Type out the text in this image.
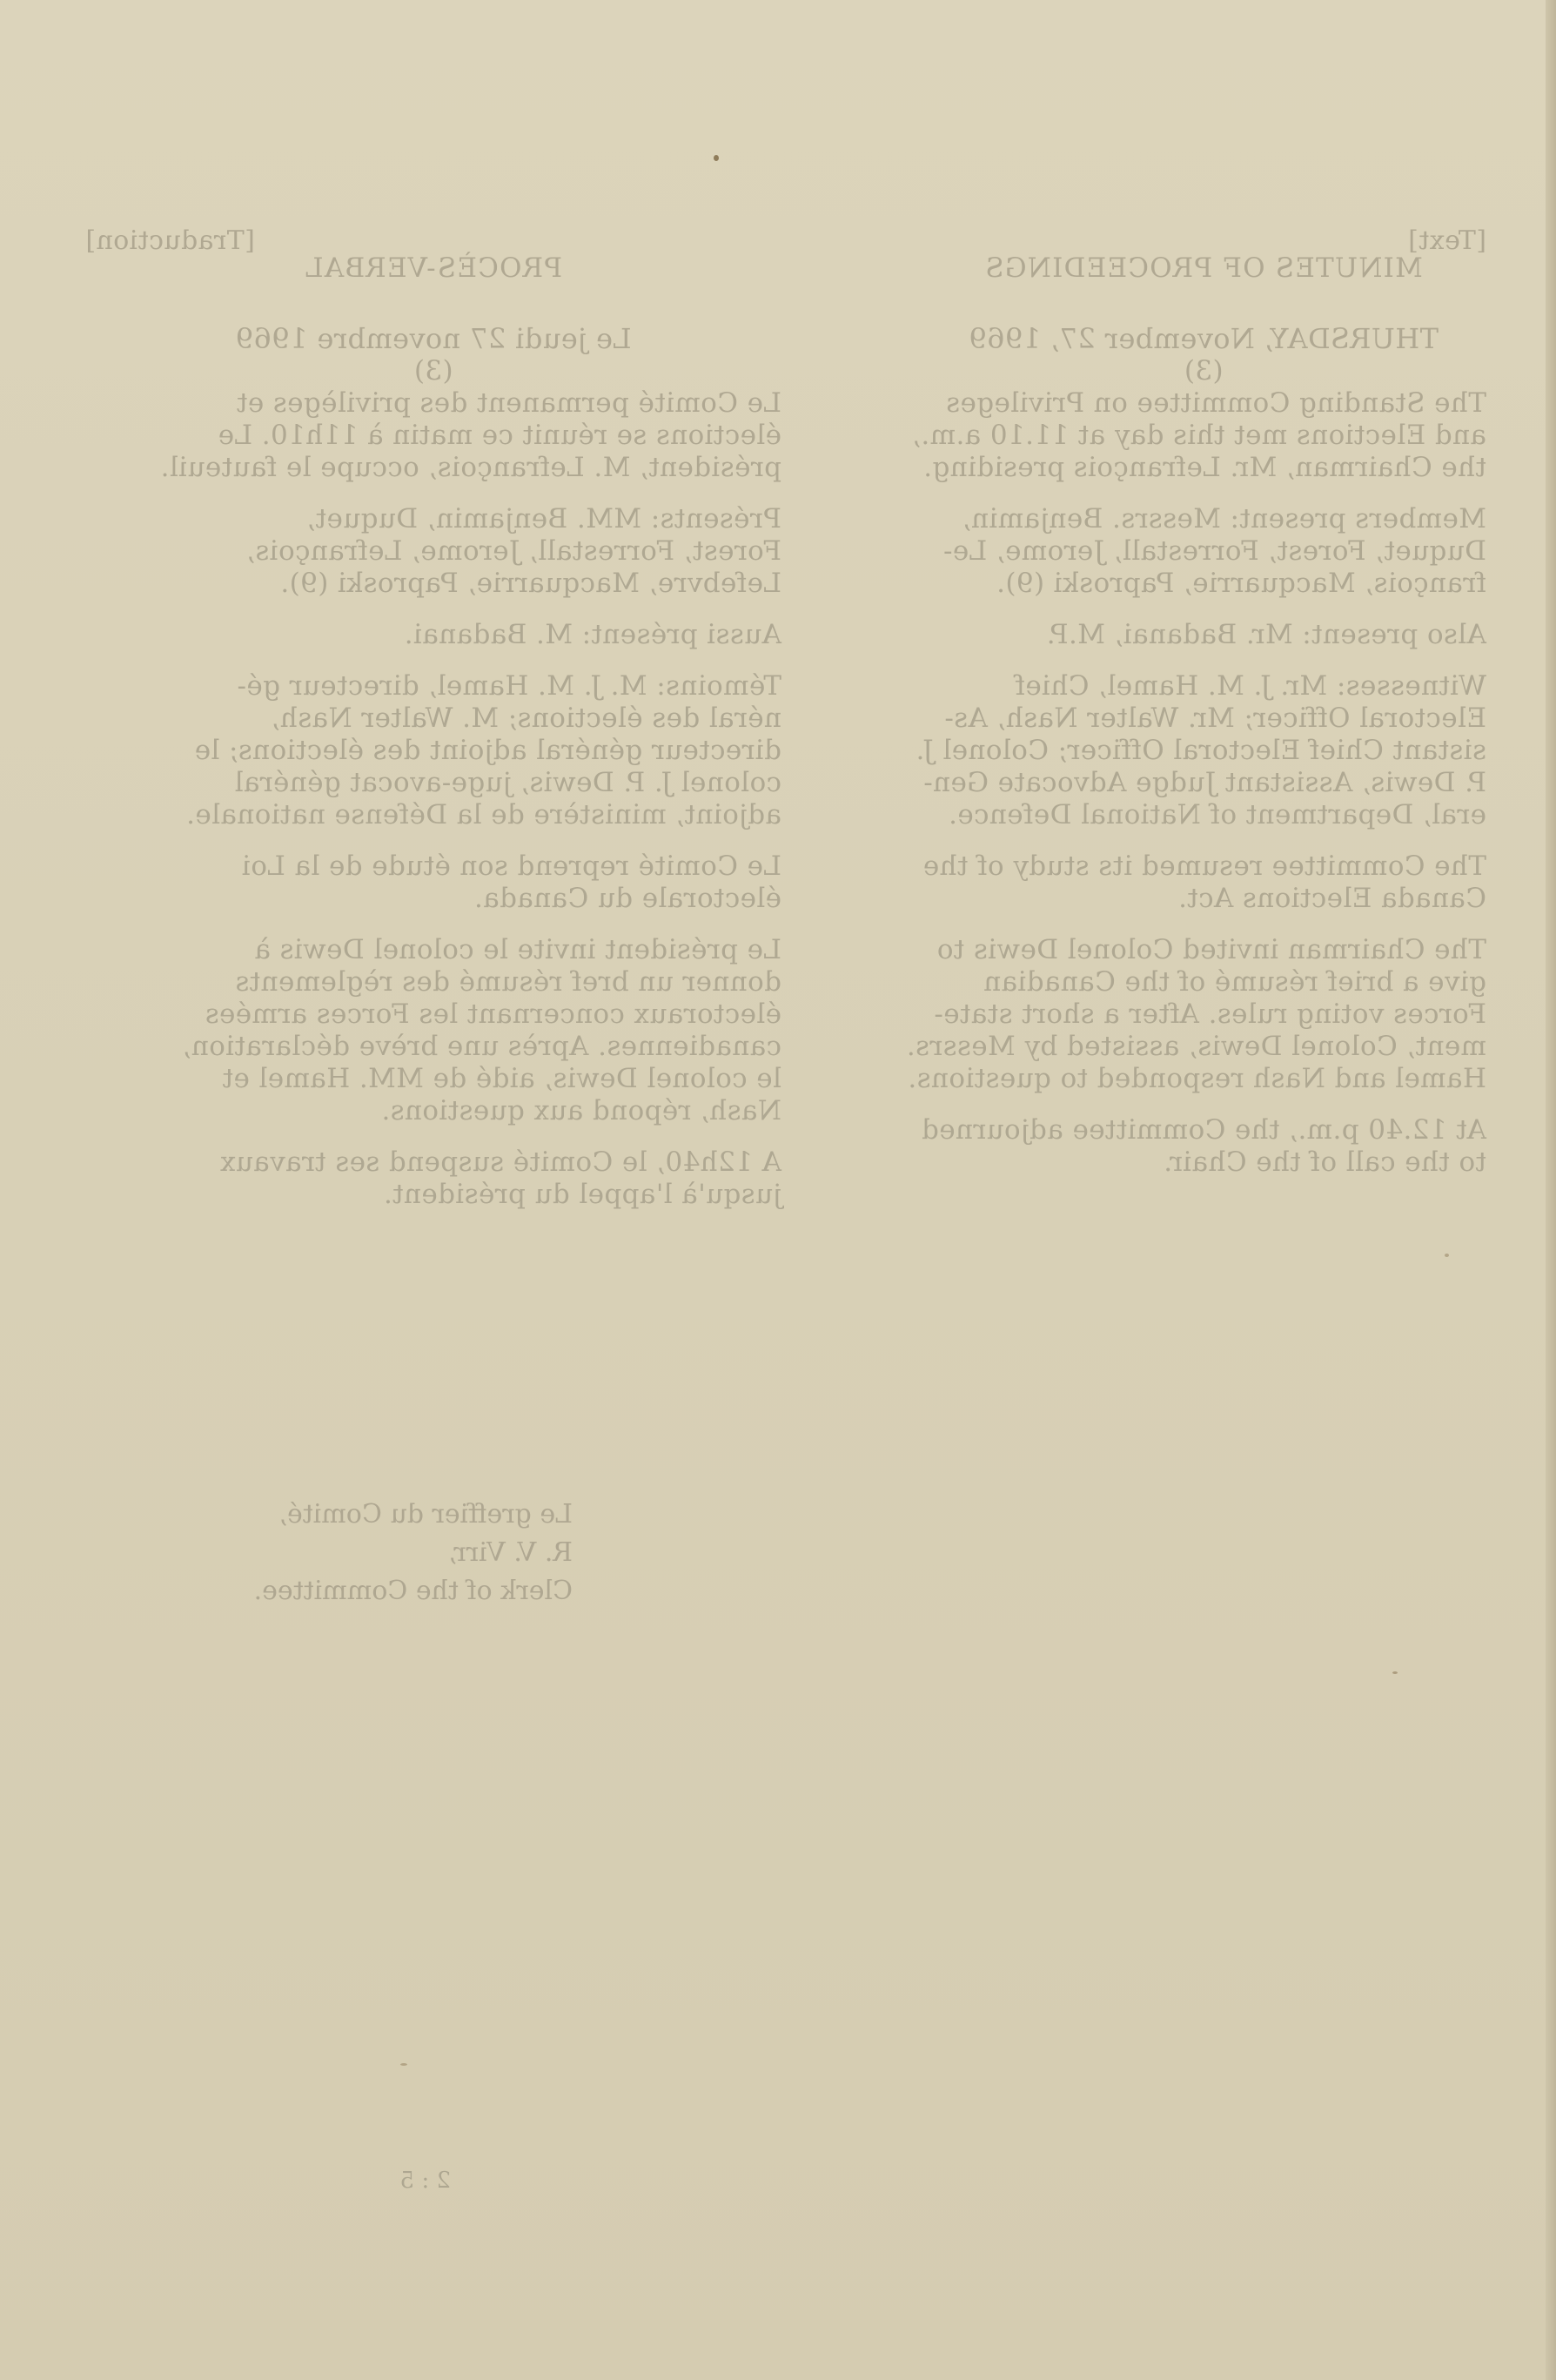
[Text]

MINUTES OF PROCEEDINGS

THURSDAY, November 27, 1969

(3)

The Standing Committee on Privileges

and Elections met this day at 11.10 a.m.,

the Chairman, Mr. Lefrançois presiding.

Members present: Messrs. Benjamin,

Duquet, Forest, Forrestall, Jerome, Le-

françois, Macquarrie, Paproski (9).

Also present: Mr. Badanai, M.P.

Witnesses: Mr. J. M. Hamel, Chief

Electoral Officer; Mr. Walter Nash, As-

sistant Chief Electoral Officer; Colonel J.

P. Dewis, Assistant Judge Advocate Gen-

eral, Department of National Defence.

The Committee resumed its study of the

Canada Elections Act.

The Chairman invited Colonel Dewis to

give a brief résumé of the Canadian

Forces voting rules. After a short state-

ment, Colonel Dewis, assisted by Messrs.

Hamel and Nash responded to questions.

At 12.40 p.m., the Committee adjourned

to the call of the Chair.

[Traduction]

PROCÈS-VERBAL

Le jeudi 27 novembre 1969

(3)

Le Comité permanent des privilèges et

élections se réunit ce matin à 11h10. Le

président, M. Lefrançois, occupe le fauteuil.

Présents: MM. Benjamin, Duquet,

Forest, Forrestall, Jerome, Lefrançois,

Lefebvre, Macquarrie, Paproski (9).

Aussi présent: M. Badanai.

Témoins: M. J. M. Hamel, directeur gé-

néral des élections; M. Walter Nash,

directeur général adjoint des élections; le

colonel J. P. Dewis, juge-avocat général

adjoint, ministère de la Défense nationale.

Le Comité reprend son étude de la Loi

électorale du Canada.

Le président invite le colonel Dewis à

donner un bref résumé des règlements

électoraux concernant les Forces armées

canadiennes. Après une brève déclaration,

le colonel Dewis, aidé de MM. Hamel et

Nash, répond aux questions.

A 12h40, le Comité suspend ses travaux

jusqu'à l'appel du président.

Le greffier du Comité,
R. V. Virr,
Clerk of the Committee.
2 : 5
